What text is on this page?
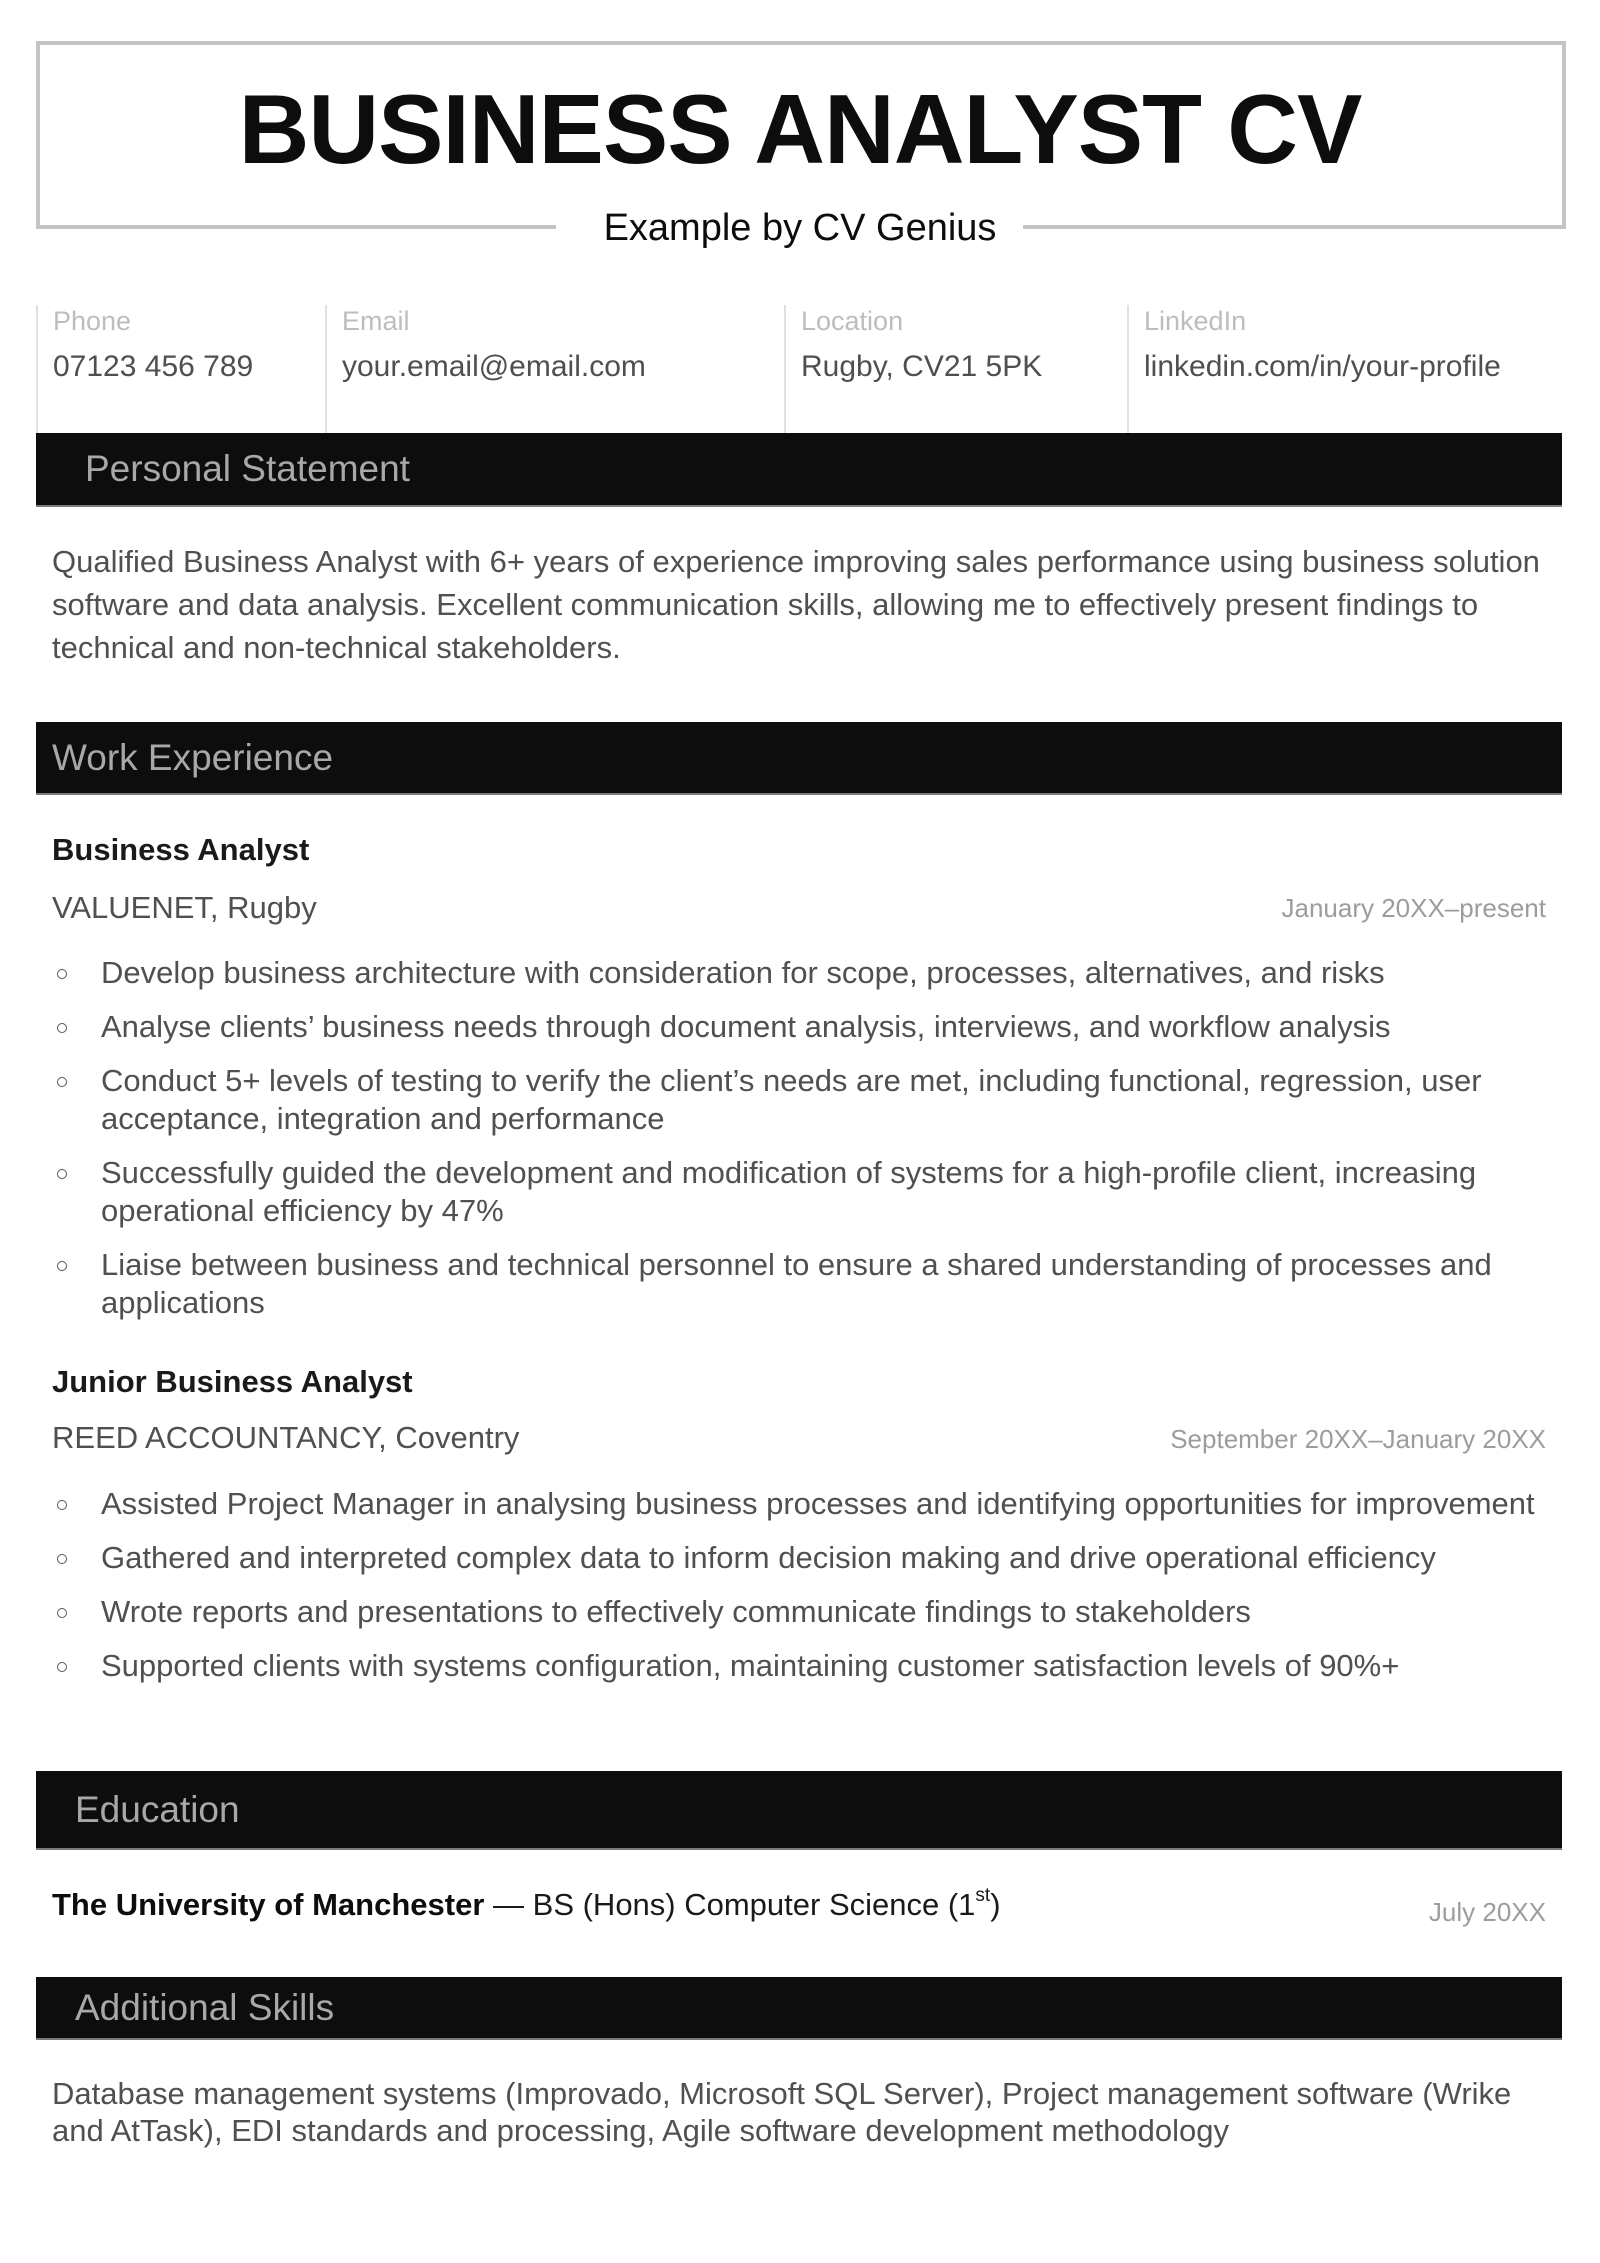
BUSINESS ANALYST CV
Example by CV Genius
Phone
07123 456 789
Email
your.email@email.com
Location
Rugby, CV21 5PK
LinkedIn
linkedin.com/in/your-profile
Personal Statement
Qualified Business Analyst with 6+ years of experience improving sales performance using business solution software and data analysis. Excellent communication skills, allowing me to effectively present findings to technical and non-technical stakeholders.
Work Experience
Business Analyst
VALUENET, Rugby	January 20XX–present
Develop business architecture with consideration for scope, processes, alternatives, and risks
Analyse clients’ business needs through document analysis, interviews, and workflow analysis
Conduct 5+ levels of testing to verify the client’s needs are met, including functional, regression, user acceptance, integration and performance
Successfully guided the development and modification of systems for a high-profile client, increasing operational efficiency by 47%
Liaise between business and technical personnel to ensure a shared understanding of processes and applications
Junior Business Analyst
REED ACCOUNTANCY, Coventry	September 20XX–January 20XX
Assisted Project Manager in analysing business processes and identifying opportunities for improvement
Gathered and interpreted complex data to inform decision making and drive operational efficiency
Wrote reports and presentations to effectively communicate findings to stakeholders
Supported clients with systems configuration, maintaining customer satisfaction levels of 90%+
Education
The University of Manchester — BS (Hons) Computer Science (1st)	July 20XX
Additional Skills
Database management systems (Improvado, Microsoft SQL Server), Project management software (Wrike and AtTask), EDI standards and processing, Agile software development methodology
